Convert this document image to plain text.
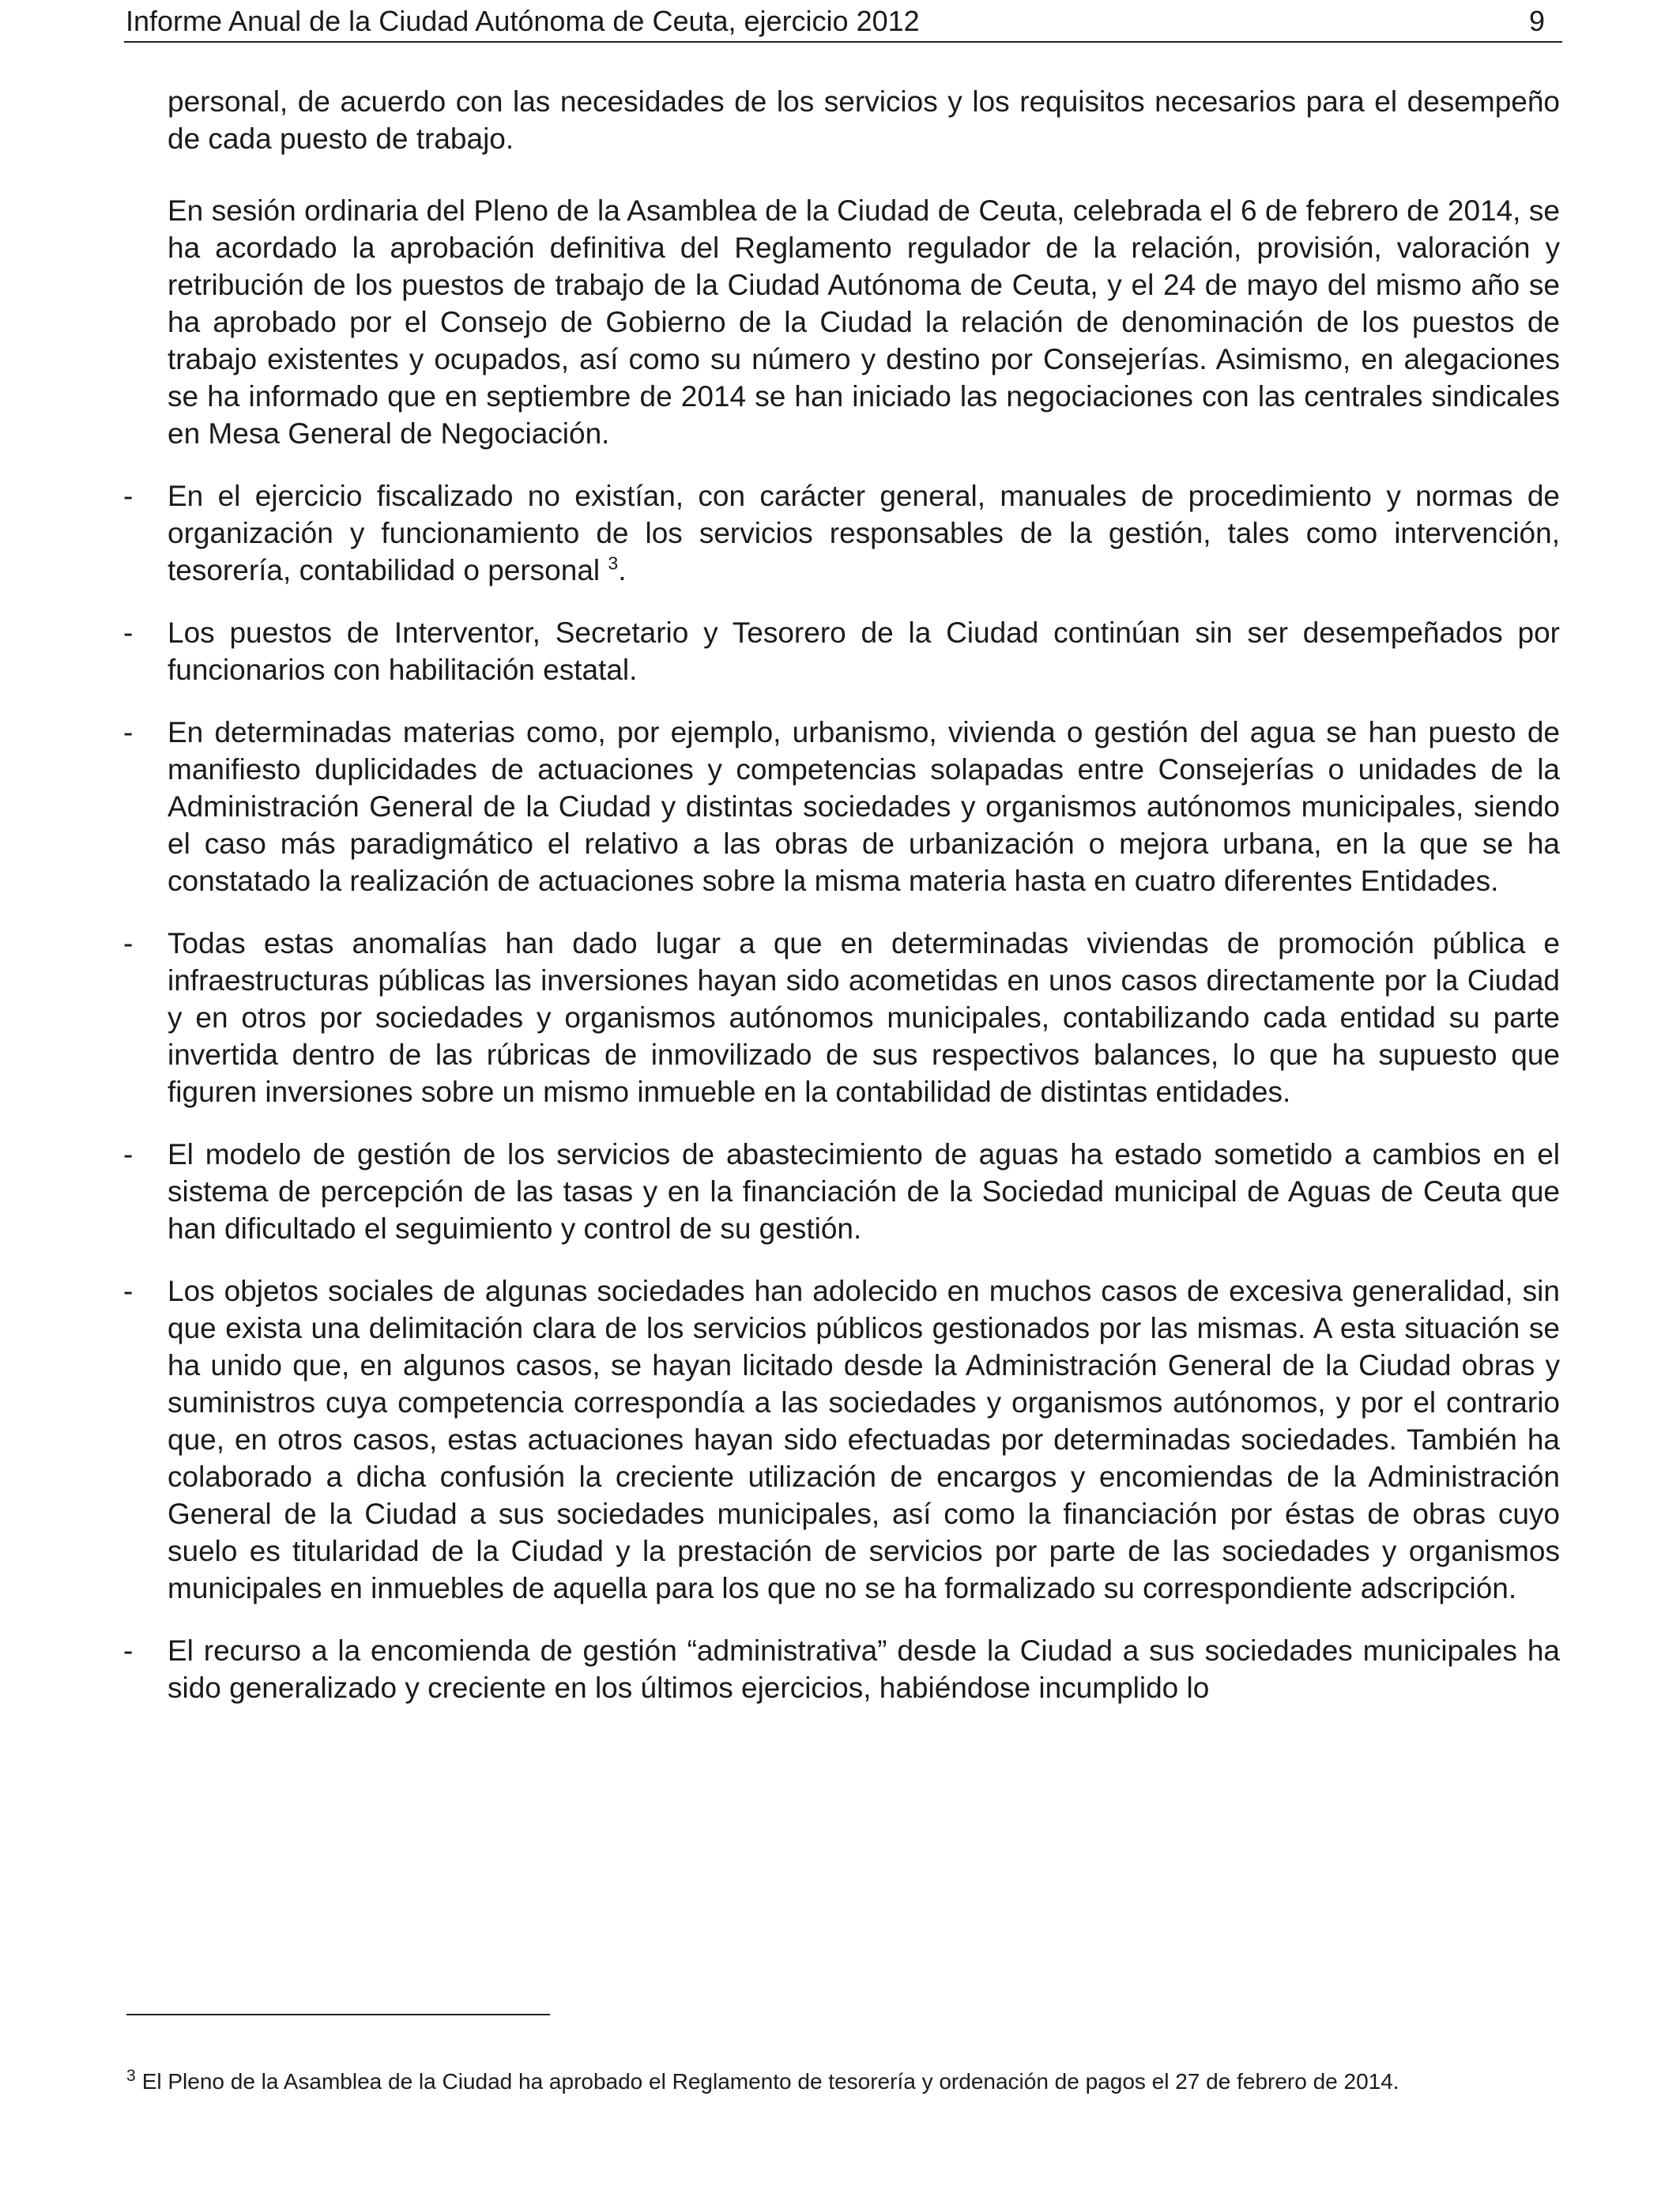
Informe Anual de la Ciudad Autónoma de Ceuta, ejercicio 2012	9

personal, de acuerdo con las necesidades de los servicios y los requisitos necesarios para el desempeño de cada puesto de trabajo.

En sesión ordinaria del Pleno de la Asamblea de la Ciudad de Ceuta, celebrada el 6 de febrero de 2014, se ha acordado la aprobación definitiva del Reglamento regulador de la relación, provisión, valoración y retribución de los puestos de trabajo de la Ciudad Autónoma de Ceuta, y el 24 de mayo del mismo año se ha aprobado por el Consejo de Gobierno de la Ciudad la relación de denominación de los puestos de trabajo existentes y ocupados, así como su número y destino por Consejerías. Asimismo, en alegaciones se ha informado que en septiembre de 2014 se han iniciado las negociaciones con las centrales sindicales en Mesa General de Negociación.

- En el ejercicio fiscalizado no existían, con carácter general, manuales de procedimiento y normas de organización y funcionamiento de los servicios responsables de la gestión, tales como intervención, tesorería, contabilidad o personal $^3$.

- Los puestos de Interventor, Secretario y Tesorero de la Ciudad continúan sin ser desempeñados por funcionarios con habilitación estatal.

- En determinadas materias como, por ejemplo, urbanismo, vivienda o gestión del agua se han puesto de manifiesto duplicidades de actuaciones y competencias solapadas entre Consejerías o unidades de la Administración General de la Ciudad y distintas sociedades y organismos autónomos municipales, siendo el caso más paradigmático el relativo a las obras de urbanización o mejora urbana, en la que se ha constatado la realización de actuaciones sobre la misma materia hasta en cuatro diferentes Entidades.

- Todas estas anomalías han dado lugar a que en determinadas viviendas de promoción pública e infraestructuras públicas las inversiones hayan sido acometidas en unos casos directamente por la Ciudad y en otros por sociedades y organismos autónomos municipales, contabilizando cada entidad su parte invertida dentro de las rúbricas de inmovilizado de sus respectivos balances, lo que ha supuesto que figuren inversiones sobre un mismo inmueble en la contabilidad de distintas entidades.

- El modelo de gestión de los servicios de abastecimiento de aguas ha estado sometido a cambios en el sistema de percepción de las tasas y en la financiación de la Sociedad municipal de Aguas de Ceuta que han dificultado el seguimiento y control de su gestión.

- Los objetos sociales de algunas sociedades han adolecido en muchos casos de excesiva generalidad, sin que exista una delimitación clara de los servicios públicos gestionados por las mismas. A esta situación se ha unido que, en algunos casos, se hayan licitado desde la Administración General de la Ciudad obras y suministros cuya competencia correspondía a las sociedades y organismos autónomos, y por el contrario que, en otros casos, estas actuaciones hayan sido efectuadas por determinadas sociedades. También ha colaborado a dicha confusión la creciente utilización de encargos y encomiendas de la Administración General de la Ciudad a sus sociedades municipales, así como la financiación por éstas de obras cuyo suelo es titularidad de la Ciudad y la prestación de servicios por parte de las sociedades y organismos municipales en inmuebles de aquella para los que no se ha formalizado su correspondiente adscripción.

- El recurso a la encomienda de gestión “administrativa” desde la Ciudad a sus sociedades municipales ha sido generalizado y creciente en los últimos ejercicios, habiéndose incumplido lo

$^3$ El Pleno de la Asamblea de la Ciudad ha aprobado el Reglamento de tesorería y ordenación de pagos el 27 de febrero de 2014.
